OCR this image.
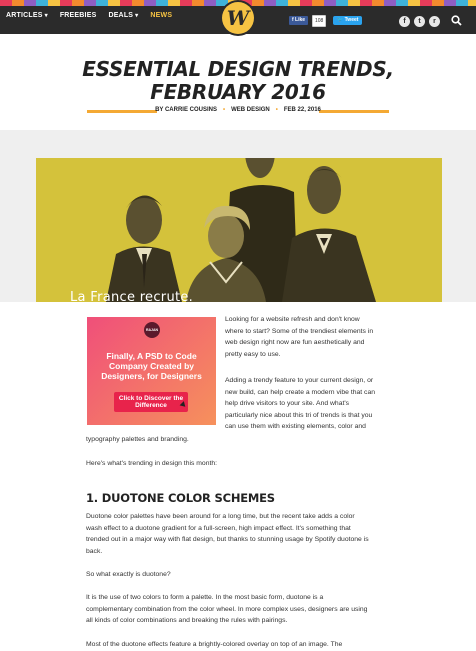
ARTICLES ▾ FREEBIES DEALS ▾ NEWS	W	f Like	108	🐦 Tweet	f	t	r
ESSENTIAL DESIGN TRENDS,
FEBRUARY 2016
BY CARRIE COUSINS • WEB DESIGN • FEB 22, 2016
La France recrute.
RAJAN
Finally, A PSD to Code Company Created by Designers, for Designers
Click to Discover the Difference
Looking for a website refresh and don't know
where to start? Some of the trendiest elements in
web design right now are fun aesthetically and
pretty easy to use.
Adding a trendy feature to your current design, or
new build, can help create a modern vibe that can
help drive visitors to your site. And what's
particularly nice about this tri of trends is that you
can use them with existing elements, color and
typography palettes and branding.
Here's what's trending in design this month:
1. DUOTONE COLOR SCHEMES
Duotone color palettes have been around for a long time, but the recent take adds a color
wash effect to a duotone gradient for a full-screen, high impact effect. It's something that
trended out in a major way with flat design, but thanks to stunning usage by Spotify duotone is
back.
So what exactly is duotone?
It is the use of two colors to form a palette. In the most basic form, duotone is a
complementary combination from the color wheel. In more complex uses, designers are using
all kinds of color combinations and breaking the rules with pairings.
Most of the duotone effects feature a brightly-colored overlay on top of an image. The
